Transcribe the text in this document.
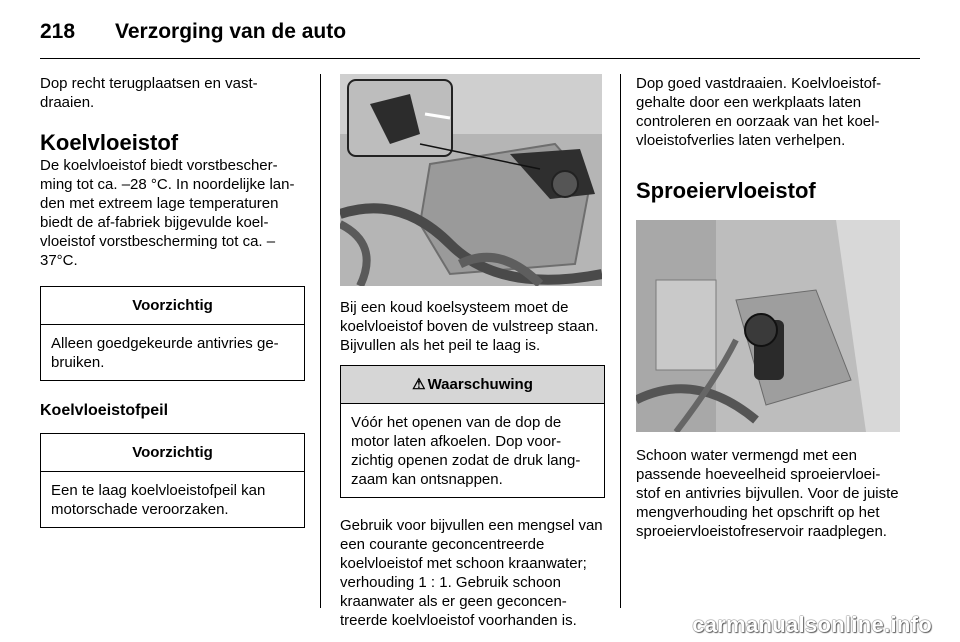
218 Verzorging van de auto

Dop recht terugplaatsen en vast- draaien.

Koelvloeistof

De koelvloeistof biedt vorstbescher- ming tot ca. –28 °C. In noordelijke lan- den met extreem lage temperaturen biedt de af-fabriek bijgevulde koel- vloeistof vorstbescherming tot ca. –37°C.

Voorzichtig
Alleen goedgekeurde antivries ge- bruiken.
Koelvloeistofpeil
Voorzichtig
Een te laag koelvloeistofpeil kan motorschade veroorzaken.

Bij een koud koelsysteem moet de koelvloeistof boven de vulstreep staan. Bijvullen als het peil te laag is.

⚠ Waarschuwing
Vóór het openen van de dop de motor laten afkoelen. Dop voor- zichtig openen zodat de druk lang- zaam kan ontsnappen.

Gebruik voor bijvullen een mengsel van een courante geconcentreerde koelvloeistof met schoon kraanwater; verhouding 1 : 1. Gebruik schoon kraanwater als er geen geconcen- treerde koelvloeistof voorhanden is.

Dop goed vastdraaien. Koelvloeistof- gehalte door een werkplaats laten controleren en oorzaak van het koel- vloeistofverlies laten verhelpen.

Sproeiervloeistof

Schoon water vermengd met een passende hoeveelheid sproeiervloei- stof en antivries bijvullen. Voor de juiste mengverhouding het opschrift op het sproeiervloeistofreservoir raadplegen.

carmanualsonline.info
